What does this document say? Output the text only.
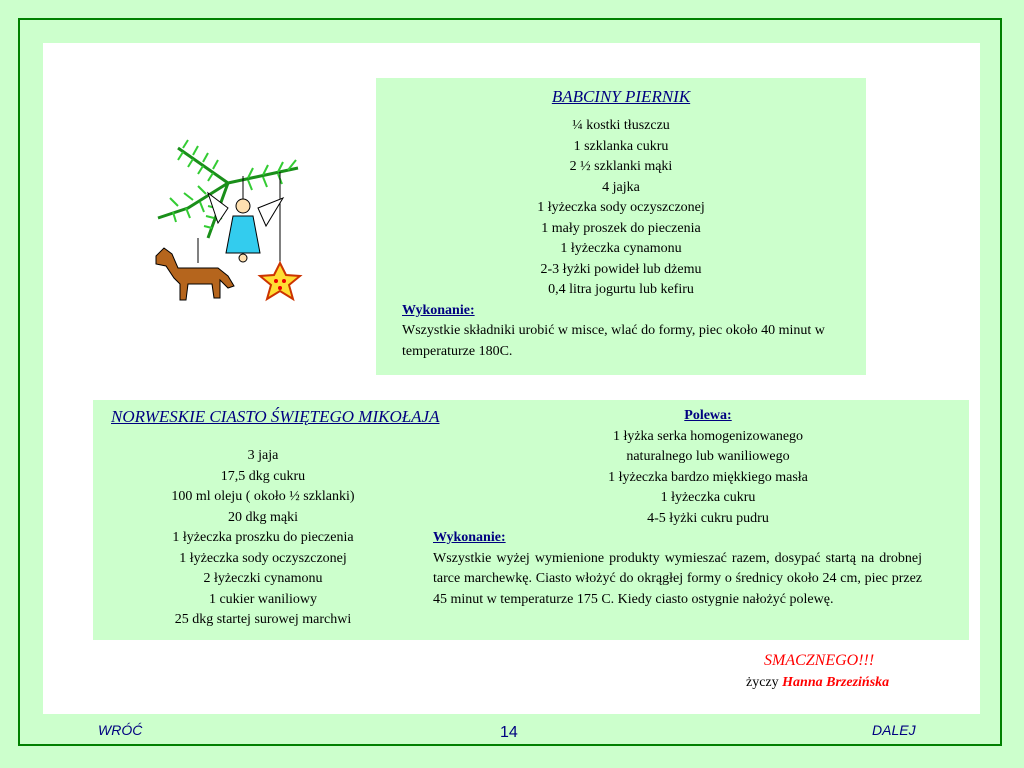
BABCINY PIERNIK
¼ kostki tłuszczu
1 szklanka cukru
2 ½ szklanki mąki
4 jajka
1 łyżeczka sody oczyszczonej
1 mały proszek do pieczenia
1 łyżeczka cynamonu
2-3 łyżki powideł lub dżemu
0,4 litra jogurtu lub kefiru
Wykonanie:
Wszystkie składniki urobić w misce, wlać do formy, piec około 40 minut w temperaturze 180C.
NORWESKIE CIASTO ŚWIĘTEGO MIKOŁAJA
3 jaja
17,5 dkg cukru
100 ml oleju ( około ½ szklanki)
20 dkg mąki
1 łyżeczka proszku do pieczenia
1 łyżeczka sody oczyszczonej
2 łyżeczki cynamonu
1 cukier waniliowy
25 dkg startej surowej marchwi
Polewa:
1 łyżka serka homogenizowanego
naturalnego lub waniliowego
1 łyżeczka bardzo miękkiego masła
1 łyżeczka cukru
4-5 łyżki cukru pudru
Wykonanie:
Wszystkie wyżej wymienione produkty wymieszać razem, dosypać startą na drobnej tarce marchewkę. Ciasto włożyć do okrągłej formy o średnicy około 24 cm, piec przez 45 minut w temperaturze 175 C. Kiedy ciasto ostygnie nałożyć polewę.
SMACZNEGO!!!
życzy Hanna Brzezińska
WRÓĆ	14	DALEJ
